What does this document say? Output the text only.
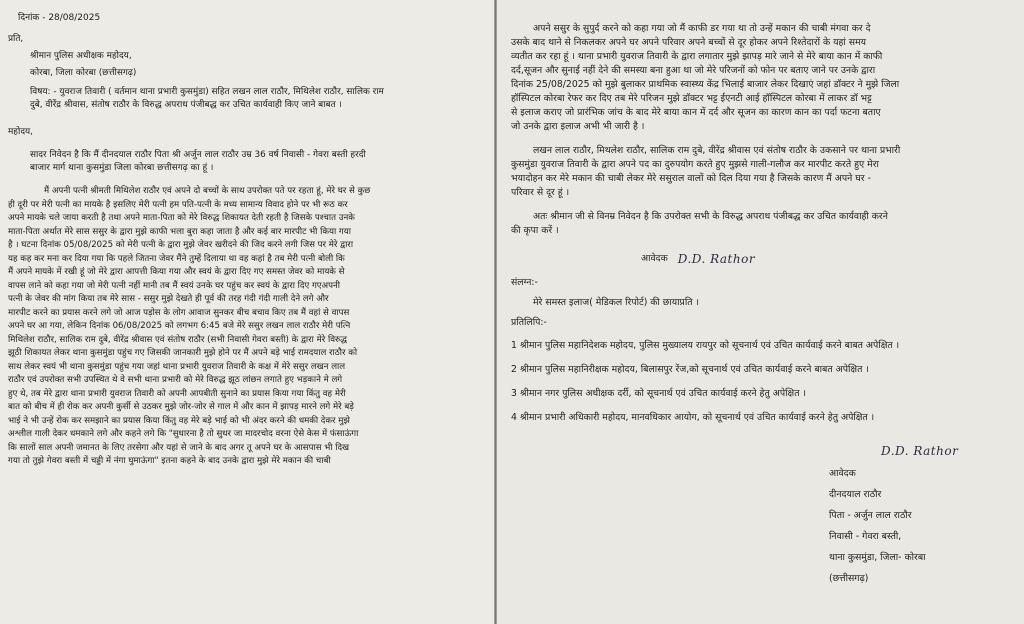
दिनांक - 28/08/2025
प्रति,
श्रीमान पुलिस अधीक्षक महोदय,
कोरबा, जिला कोरबा (छत्तीसगढ़)
विषय: - युवराज तिवारी ( वर्तमान थाना प्रभारी कुसमुंडा) सहित लखन लाल राठौर, मिथिलेश राठौर, सालिक राम
दुबे, वीरेंद्र श्रीवास, संतोष राठौर के विरुद्ध अपराध पंजीबद्ध कर उचित कार्यवाही किए जाने बाबत ।
महोदय,
सादर निवेदन है कि मैं दीनदयाल राठौर पिता श्री अर्जुन लाल राठौर उम्र 36 वर्ष निवासी - गेवरा बस्ती हरदी
बाजार मार्ग थाना कुसमुंडा जिला कोरबा छत्तीसगढ़ का हूं ।

मैं अपनी पत्नी श्रीमती मिथिलेश राठौर एवं अपने दो बच्चों के साथ उपरोक्त पते पर रहता हूं, मेरे घर से कुछ

ही दूरी पर मेरी पत्नी का मायके है इसलिए मेरी पत्नी हम पति-पत्नी के मध्य सामान्य विवाद होने पर भी रूठ कर

अपने मायके चले जाया करती है तथा अपने माता-पिता को मेरे विरुद्ध शिकायत देती रहती है जिसके पश्चात उनके

माता-पिता अर्थात मेरे सास ससुर के द्वारा मुझे काफी भला बुरा कहा जाता है और कई बार मारपीट भी किया गया

है । घटना दिनांक 05/08/2025 को मेरी पत्नी के द्वारा मुझे जेवर खरीदने की जिद करने लगी जिस पर मेरे द्वारा

यह कह कर मना कर दिया गया कि पहले जितना जेवर मैंने तुम्हें दिलाया था वह कहां है तब मेरी पत्नी बोली कि

मैं अपने मायके में रखी हूं जो मेरे द्वारा आपत्ती किया गया और स्वयं के द्वारा दिए गए समस्त जेवर को मायके से

वापस लाने को कहा गया जो मेरी पत्नी नहीं मानी तब मैं स्वयं उनके घर पहुंच कर स्वयं के द्वारा दिए गएअपनी

पत्नी के जेवर की मांग किया तब मेरे सास - ससुर मुझे देखते ही पूर्व की तरह गंदी गंदी गाली देने लगे और

मारपीट करने का प्रयास करने लगे जो आज पड़ोस के लोग आवाज सुनकर बीच बचाव किए तब मैं वहां से वापस

अपने घर आ गया, लेकिन दिनांक 06/08/2025 को लगभग 6:45 बजे मेरे ससुर लखन लाल राठौर मेरी पत्नि

मिथिलेश राठौर, सालिक राम दुबे, वीरेंद्र श्रीवास एवं संतोष राठौर (सभी निवासी गेवरा बस्ती) के द्वारा मेरे विरुद्ध

झूठी शिकायत लेकर थाना कुसमुंडा पहुंच गए जिसकी जानकारी मुझे होने पर मैं अपने बड़े भाई रामदयाल राठौर को

साथ लेकर स्वयं भी थाना कुसमुंडा पहुंच गया जहां थाना प्रभारी युवराज तिवारी के कक्ष में मेरे ससुर लखन लाल

राठौर एवं उपरोक्त सभी उपस्थित थे वे सभी थाना प्रभारी को मेरे विरुद्ध झूठ लांछन लगाते हुए भड़काने मे लगे

हुए थे, तब मेरे द्वारा थाना प्रभारी युवराज तिवारी को अपनी आपबीती सुनाने का प्रयास किया गया किंतु वह मेरी

बात को बीच में ही रोक कर अपनी कुर्सी से उठकर मुझे जोर-जोर से गाल में और कान में झापड़ मारने लगे मेरे बड़े

भाई ने भी उन्हें रोक कर समझाने का प्रयास किया किंतु वह मेरे बड़े भाई को भी अंदर करने की धमकी देकर मुझे

अश्लील गाली देकर धमकाने लगे और कहने लगे कि "सुधारना है तो सुधर जा मादरचोद वरना ऐसे केस में फंसाऊंगा

कि सालों साल अपनी जमानत के लिए तरसेगा और यहां से जाने के बाद अगर तू अपने घर के आसपास भी दिख

गया तो तुझे गेवरा बस्ती में चड्डी में नंगा घुमाऊंगा" इतना कहने के बाद उनके द्वारा मुझे मेरे मकान की चाबी

अपने ससुर के सुपुर्द करने को कहा गया जो मैं काफी डर गया था तो उन्हें मकान की चाबी मंगवा कर दे
उसके बाद थाने से निकलकर अपने घर अपने परिवार अपने बच्चों से दूर होकर अपने रिश्तेदारों के यहां समय
व्यतीत कर रहा हूं । थाना प्रभारी युवराज तिवारी के द्वारा लगातार मुझे झापड़ मारे जाने से मेरे बाया कान में काफी
दर्द,सूजन और सुनाई नहीं देने की समस्या बना हुआ था जो मेरे परिजनों को फोन पर बताए जाने पर उनके द्वारा
दिनांक 25/08/2025 को मुझे बुलाकर प्राथमिक स्वास्थ्य केंद्र भिलाई बाजार लेकर दिखाएं जहां डॉक्टर ने मुझे जिला
हॉस्पिटल कोरबा रेफर कर दिए तब मेरे परिजन मुझे डॉक्टर भट्ट ईएनटी आई हॉस्पिटल कोरबा में लाकर डॉ भट्ट
से इलाज कराए जो प्रारंभिक जांच के बाद मेरे बाया कान में दर्द और सूजन का कारण कान का पर्दा फटना बताए
जो उनके द्वारा इलाज अभी भी जारी है ।
लखन लाल राठौर, मिथलेश राठौर, सालिक राम दुबे, वीरेंद्र श्रीवास एवं संतोष राठौर के उकसाने पर थाना प्रभारी
कुसमुंडा युवराज तिवारी के द्वारा अपने पद का दुरुपयोग करते हुए मुझसे गाली-गलौज कर मारपीट करते हुए मेरा
भयादोहन कर मेरे मकान की चाबी लेकर मेरे ससुराल वालों को दिल दिया गया है जिसके कारण मैं अपने घर -
परिवार से दूर हूं ।
अतः श्रीमान जी से विनम्र निवेदन है कि उपरोक्त सभी के विरुद्ध अपराध पंजीबद्ध कर उचित कार्यवाही करने
की कृपा करें ।
आवेदक D.D. Rathor
संलग्न:-
मेरे समस्त इलाज( मेडिकल रिपोर्ट) की छायाप्रति ।
प्रतिलिपि:-
1 श्रीमान पुलिस महानिदेशक महोदय, पुलिस मुख्यालय रायपुर को सूचनार्थ एवं उचित कार्यवाई करने बाबत अपेक्षित ।
2 श्रीमान पुलिस महानिरीक्षक महोदय, बिलासपुर रेंज,को सूचनार्थ एवं उचित कार्यवाई करने बाबत अपेक्षित ।
3 श्रीमान नगर पुलिस अधीक्षक दर्री, को सूचनार्थ एवं उचित कार्यवाई करने हेतु अपेक्षित ।
4 श्रीमान प्रभारी अधिकारी महोदय, मानवधिकार आयोग, को सूचनार्थ एवं उचित कार्यवाई करने हेतु अपेक्षित ।
D.D. Rathor
आवेदक
दीनदयाल राठौर
पिता - अर्जुन लाल राठौर
निवासी - गेवरा बस्ती,
थाना कुसमुंडा, जिला- कोरबा
(छत्तीसगढ़)
